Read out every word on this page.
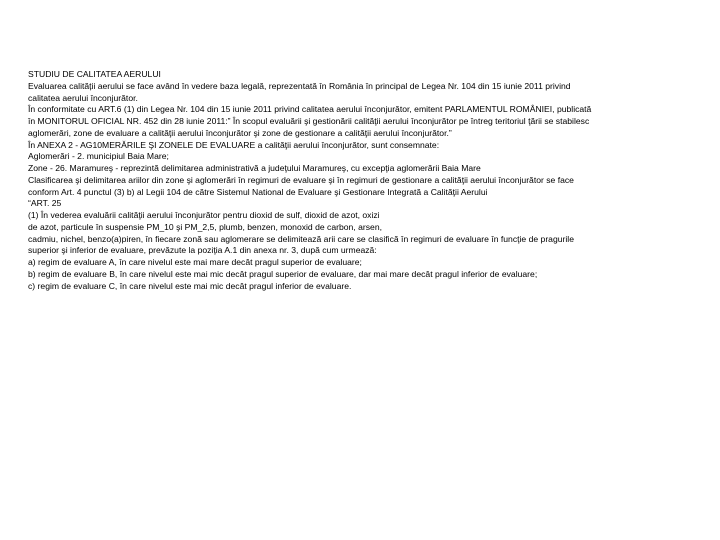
STUDIU DE CALITATEA AERULUI
Evaluarea calității aerului se face având în vedere baza legală, reprezentată în România în principal de Legea Nr. 104 din 15 iunie 2011 privind
calitatea aerului înconjurător.
În conformitate cu ART.6 (1) din Legea Nr. 104 din 15 iunie 2011 privind calitatea aerului înconjurător, emitent PARLAMENTUL ROMÂNIEI, publicată
în MONITORUL OFICIAL NR. 452 din 28 iunie 2011:” În scopul evaluării şi gestionării calităţii aerului înconjurător pe întreg teritoriul ţării se stabilesc
aglomerări, zone de evaluare a calităţii aerului înconjurător şi zone de gestionare a calităţii aerului înconjurător.”
În ANEXA 2 - AG10MERĂRILE ŞI ZONELE DE EVALUARE a calităţii aerului înconjurător, sunt consemnate:
Aglomerări - 2. municipiul Baia Mare;
Zone - 26. Maramureş - reprezintă delimitarea administrativă a judeţului Maramureş, cu excepţia aglomerării Baia Mare
Clasificarea şi delimitarea ariilor din zone şi aglomerări în regimuri de evaluare şi în regimuri de gestionare a calităţii aerului înconjurător se face
conform Art. 4 punctul (3) b) al Legii 104 de către Sistemul National de Evaluare şi Gestionare Integrată a Calităţii Aerului
“ART. 25
(1) În vederea evaluării calităţii aerului înconjurător pentru dioxid de sulf, dioxid de azot, oxizi
de azot, particule în suspensie PM_10 şi PM_2,5, plumb, benzen, monoxid de carbon, arsen,
cadmiu, nichel, benzo(a)piren, în fiecare zonă sau aglomerare se delimitează arii care se clasifică în regimuri de evaluare în funcţie de pragurile
superior şi inferior de evaluare, prevăzute la poziţia A.1 din anexa nr. 3, după cum urmează:
a) regim de evaluare A, în care nivelul este mai mare decât pragul superior de evaluare;
b) regim de evaluare B, în care nivelul este mai mic decât pragul superior de evaluare, dar mai mare decât pragul inferior de evaluare;
c) regim de evaluare C, în care nivelul este mai mic decât pragul inferior de evaluare.
